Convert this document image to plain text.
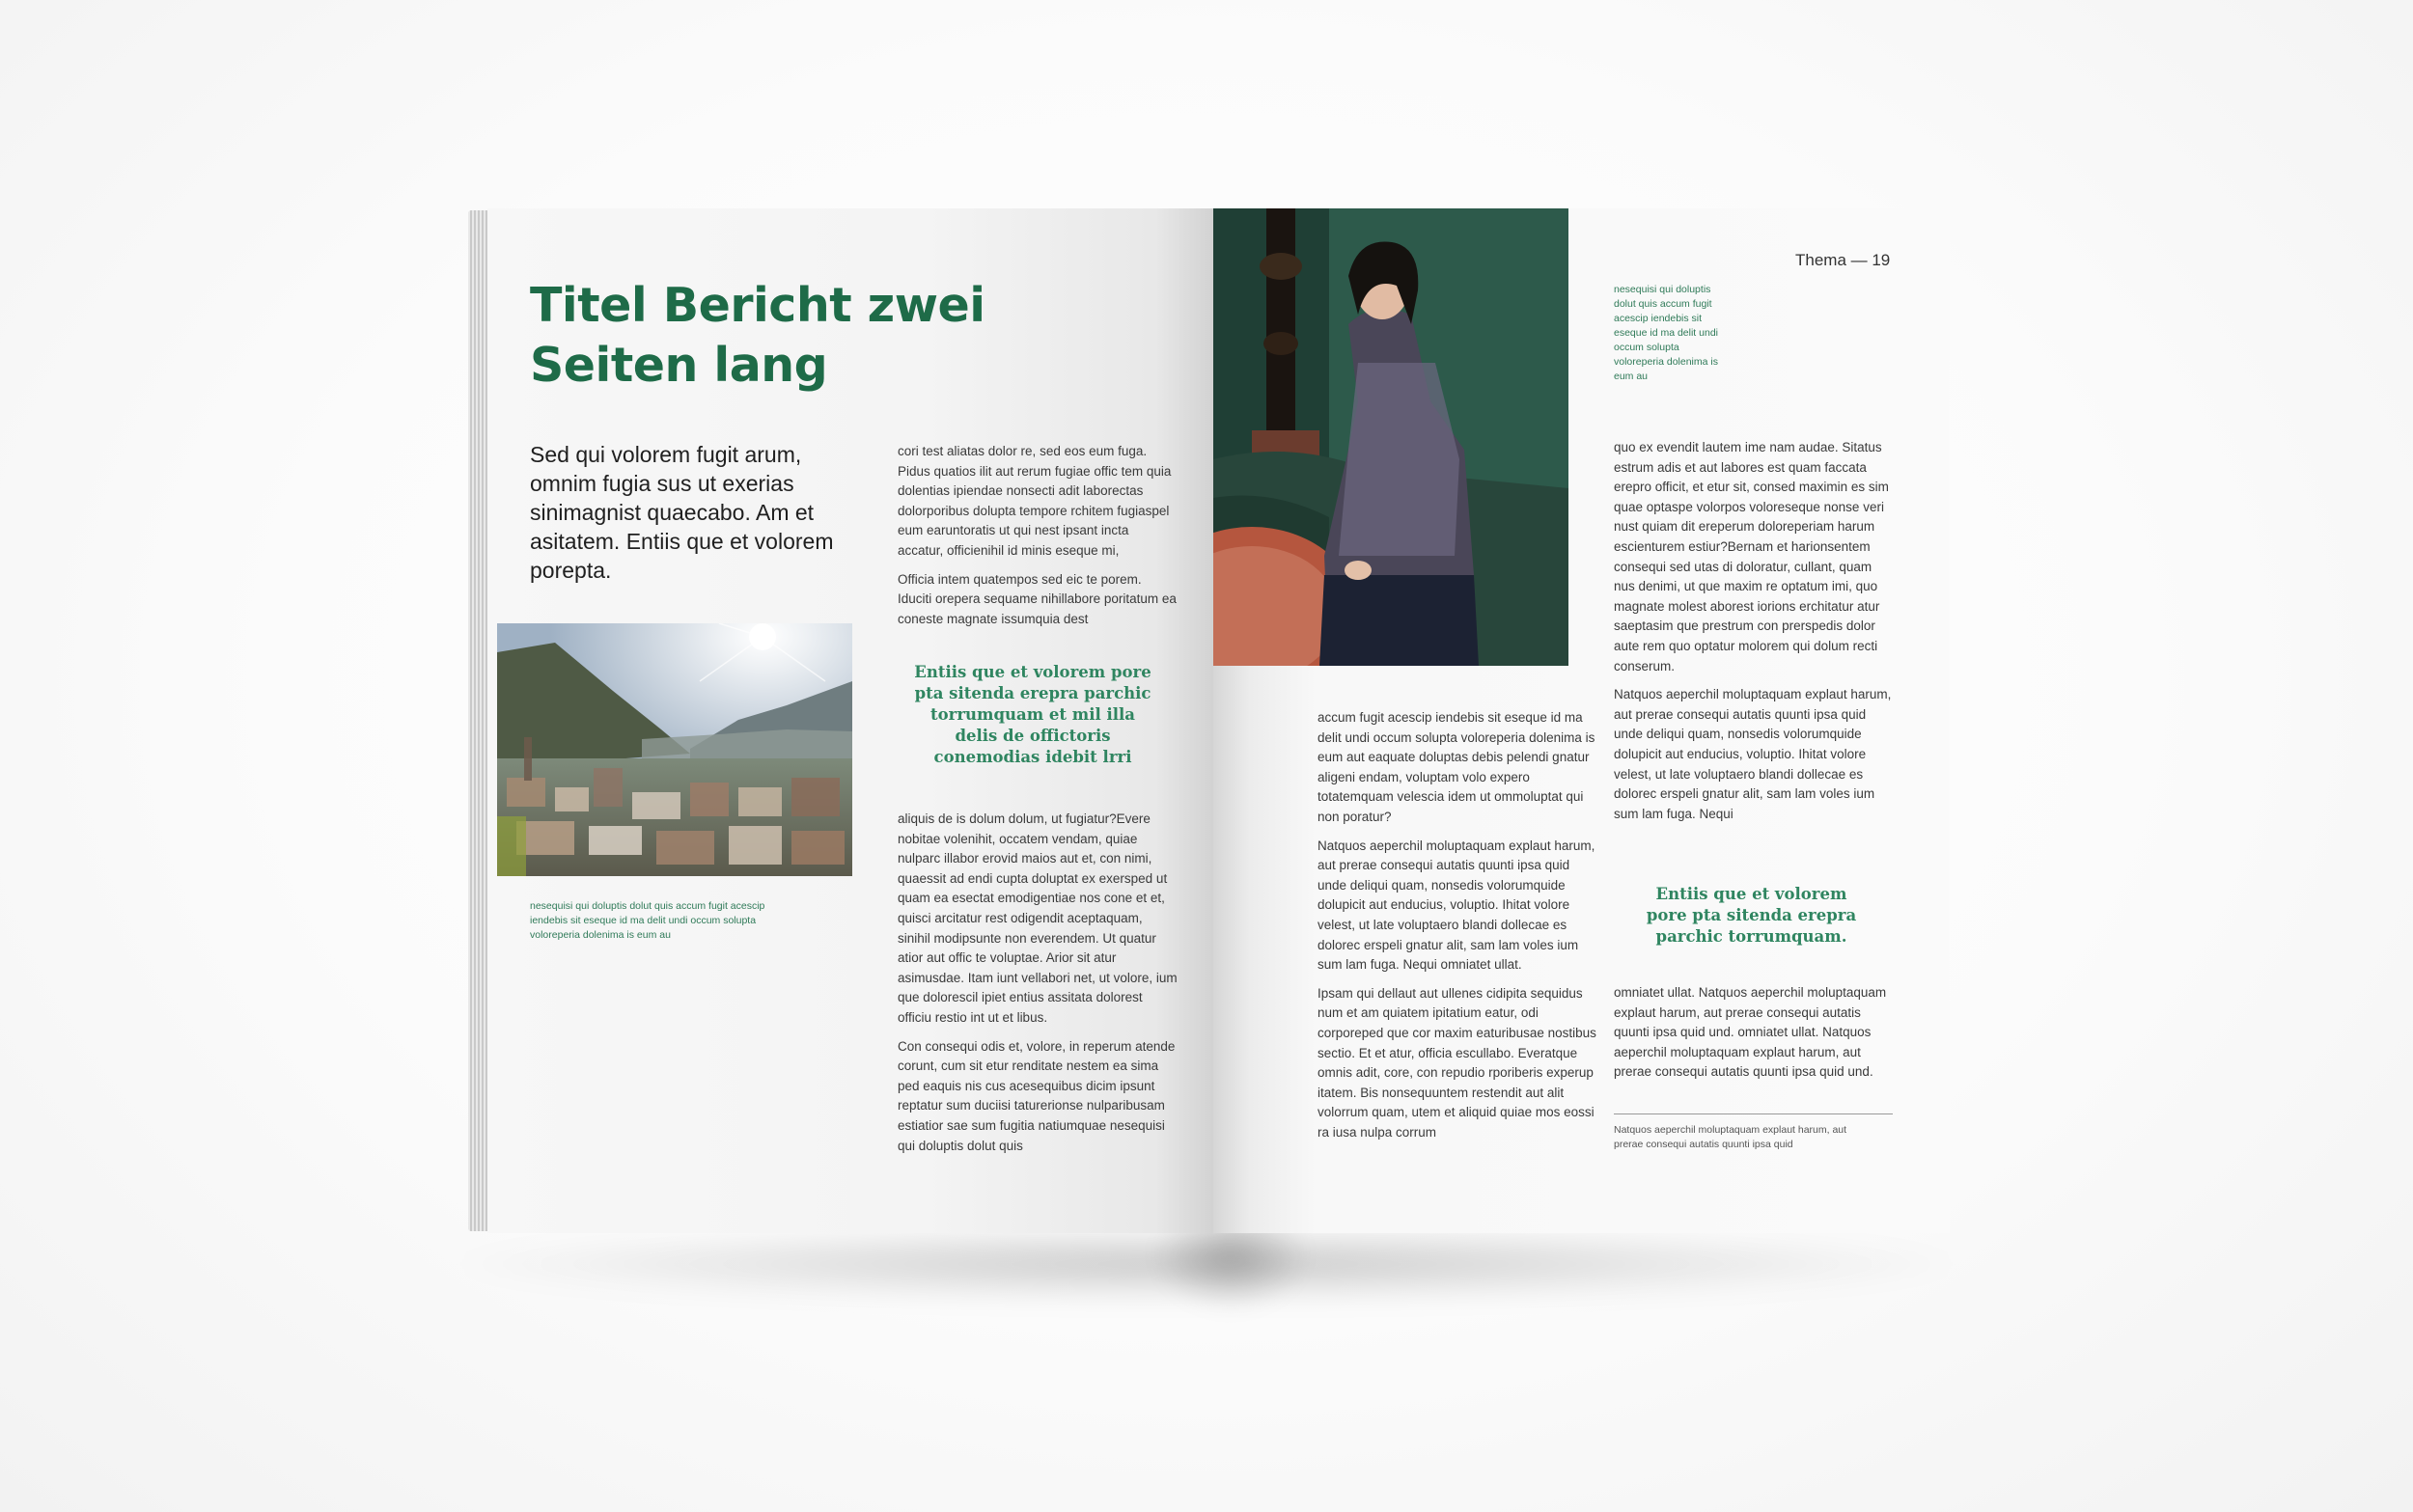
Titel Bericht zwei
Seiten lang

Sed qui volorem fugit arum, omnim fugia sus ut exerias sinimagnist quaecabo. Am et asitatem. Entiis que et volorem porepta.

nesequisi qui doluptis dolut quis accum fugit acescip iendebis sit eseque id ma delit undi occum solupta voloreperia dolenima is eum au

cori test aliatas dolor re, sed eos eum fuga. Pidus quatios ilit aut rerum fugiae offic tem quia dolentias ipiendae nonsecti adit laborectas dolorporibus dolupta tempore rchitem fugiaspel eum earuntoratis ut qui nest ipsant incta accatur, officienihil id minis eseque mi,

Officia intem quatempos sed eic te porem. Iduciti orepera sequame nihillabore poritatum ea coneste magnate issumquia dest

Entiis que et volorem pore pta sitenda erepra parchic torrumquam et mil illa delis de offictoris conemodias idebit lrri

aliquis de is dolum dolum, ut fugiatur?Evere nobitae volenihit, occatem vendam, quiae nulparc illabor erovid maios aut et, con nimi, quaessit ad endi cupta doluptat ex exersped ut quam ea esectat emodigentiae nos cone et et, quisci arcitatur rest odigendit aceptaquam, sinihil modipsunte non everendem. Ut quatur atior aut offic te voluptae. Arior sit atur asimusdae. Itam iunt vellabori net, ut volore, ium que dolorescil ipiet entius assitata dolorest officiu restio int ut et libus.

Con consequi odis et, volore, in reperum atende corunt, cum sit etur renditate nestem ea sima ped eaquis nis cus acesequibus dicim ipsunt reptatur sum duciisi taturerionse nulparibusam estiatior sae sum fugitia natiumquae nesequisi qui doluptis dolut quis

Thema — 19

nesequisi qui doluptis dolut quis accum fugit acescip iendebis sit eseque id ma delit undi occum solupta voloreperia dolenima is eum au

accum fugit acescip iendebis sit eseque id ma delit undi occum solupta voloreperia dolenima is eum aut eaquate doluptas debis pelendi gnatur aligeni endam, voluptam volo expero totatemquam velescia idem ut ommoluptat qui non poratur?

Natquos aeperchil moluptaquam explaut harum, aut prerae consequi autatis quunti ipsa quid unde deliqui quam, nonsedis volorumquide dolupicit aut enducius, voluptio. Ihitat volore velest, ut late voluptaero blandi dollecae es dolorec erspeli gnatur alit, sam lam voles ium sum lam fuga. Nequi omniatet ullat.

Ipsam qui dellaut aut ullenes cidipita sequidus num et am quiatem ipitatium eatur, odi corporeped que cor maxim eaturibusae nostibus sectio. Et et atur, officia escullabo. Everatque omnis adit, core, con repudio rporiberis experup itatem. Bis nonsequuntem restendit aut alit volorrum quam, utem et aliquid quiae mos eossi ra iusa nulpa corrum

quo ex evendit lautem ime nam audae. Sitatus estrum adis et aut labores est quam faccata erepro officit, et etur sit, consed maximin es sim quae optaspe volorpos voloreseque nonse veri nust quiam dit ereperum doloreperiam harum escienturem estiur?Bernam et harionsentem consequi sed utas di doloratur, cullant, quam nus denimi, ut que maxim re optatum imi, quo magnate molest aborest iorions erchitatur atur saeptasim que prestrum con prerspedis dolor aute rem quo optatur molorem qui dolum recti conserum.

Natquos aeperchil moluptaquam explaut harum, aut prerae consequi autatis quunti ipsa quid unde deliqui quam, nonsedis volorumquide dolupicit aut enducius, voluptio. Ihitat volore velest, ut late voluptaero blandi dollecae es dolorec erspeli gnatur alit, sam lam voles ium sum lam fuga. Nequi

Entiis que et volorem pore pta sitenda erepra parchic torrumquam.

omniatet ullat. Natquos aeperchil moluptaquam explaut harum, aut prerae consequi autatis quunti ipsa quid und. omniatet ullat. Natquos aeperchil moluptaquam explaut harum, aut prerae consequi autatis quunti ipsa quid und.

Natquos aeperchil moluptaquam explaut harum, aut prerae consequi autatis quunti ipsa quid
